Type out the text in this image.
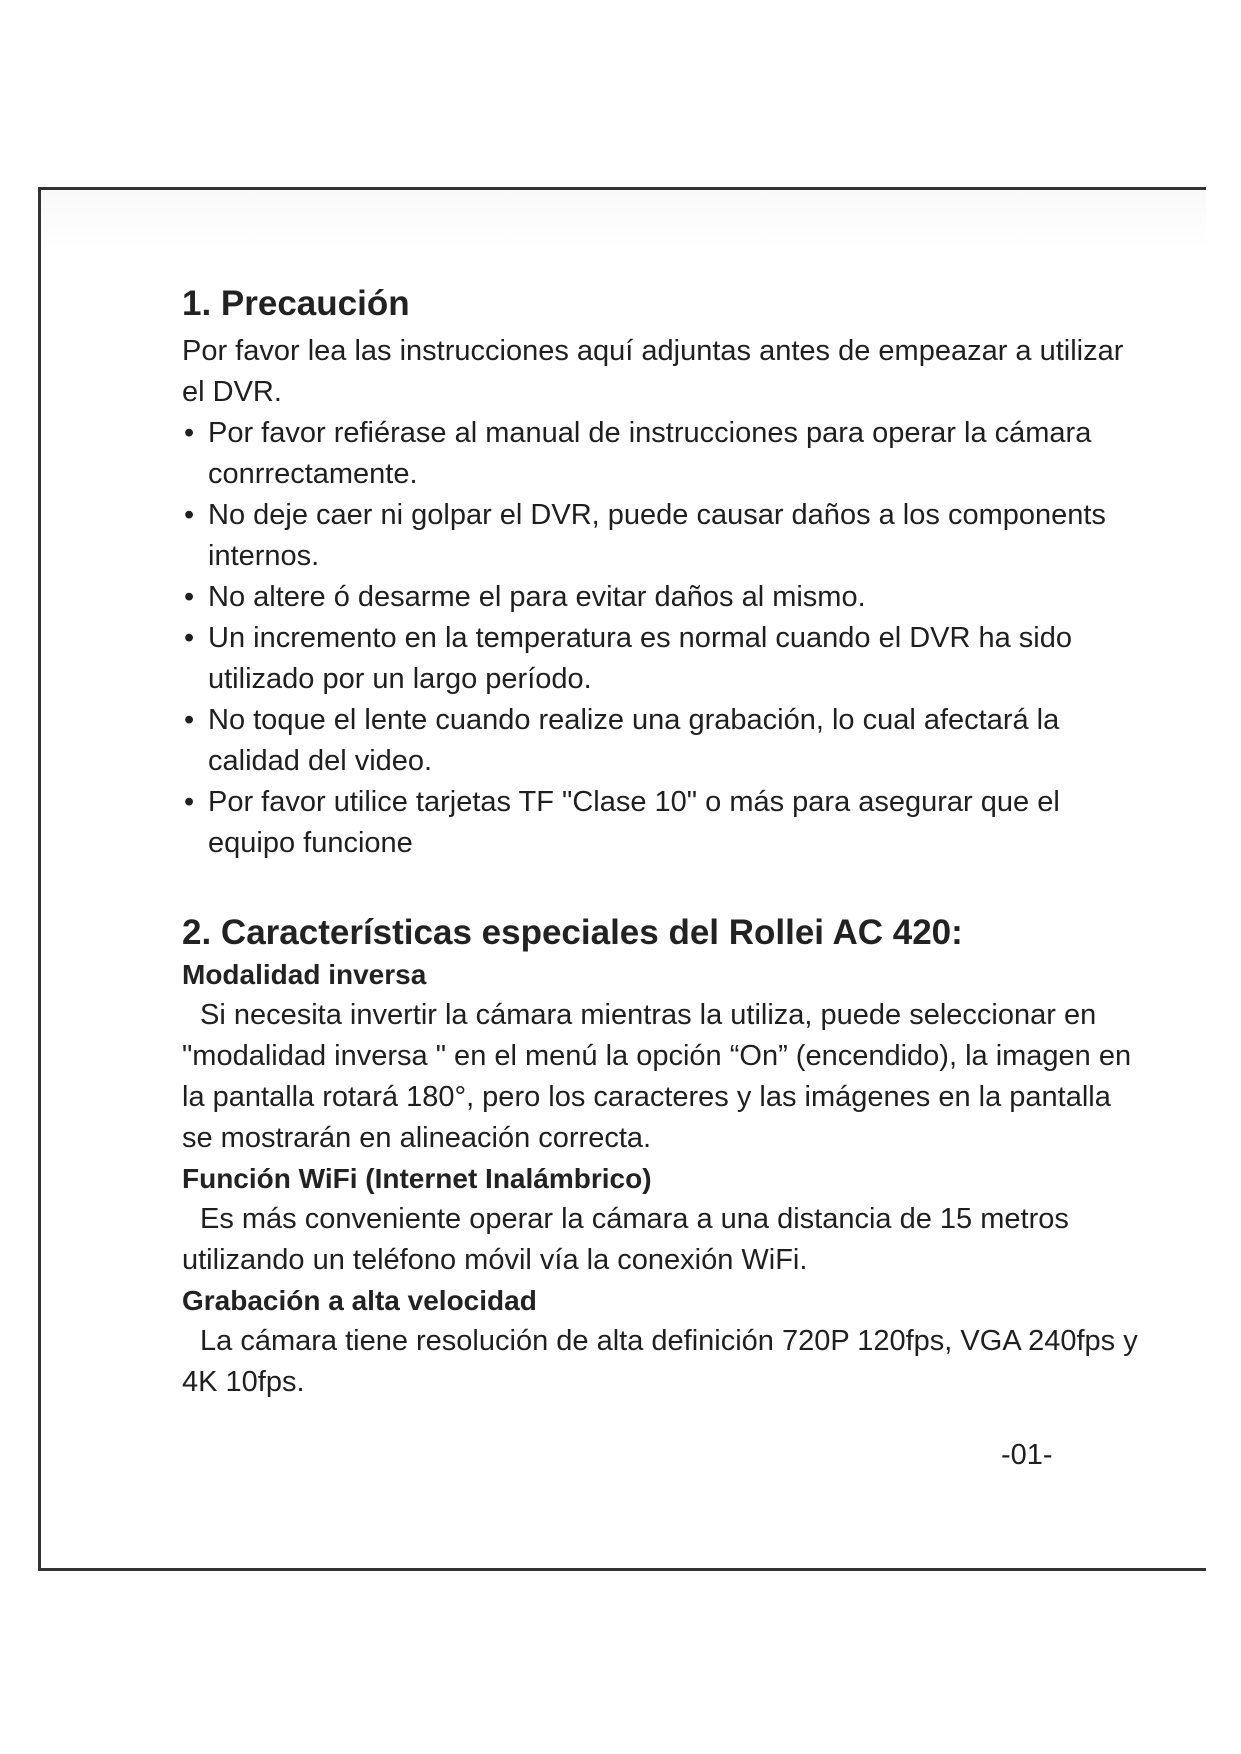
1. Precaución

Por favor lea las instrucciones aquí adjuntas antes de empeazar a utilizar el DVR.

• Por favor refiérase al manual de instrucciones para operar la cámara conrrectamente.
• No deje caer ni golpar el DVR, puede causar daños a los components internos.
• No altere ó desarme el para evitar daños al mismo.
• Un incremento en la temperatura es normal cuando el DVR ha sido utilizado por un largo período.
• No toque el lente cuando realize una grabación, lo cual afectará la calidad del video.
• Por favor utilice tarjetas TF "Clase 10" o más para asegurar que el equipo funcione
2. Características especiales del Rollei AC 420:
Modalidad inversa

Si necesita invertir la cámara mientras la utiliza, puede seleccionar en "modalidad inversa " en el menú la opción “On” (encendido), la imagen en la pantalla rotará 180°, pero los caracteres y las imágenes en la pantalla se mostrarán en alineación correcta.

Función WiFi (Internet Inalámbrico)

Es más conveniente operar la cámara a una distancia de 15 metros utilizando un teléfono móvil vía la conexión WiFi.

Grabación a alta velocidad

La cámara tiene resolución de alta definición 720P 120fps, VGA 240fps y 4K 10fps.

-01-
